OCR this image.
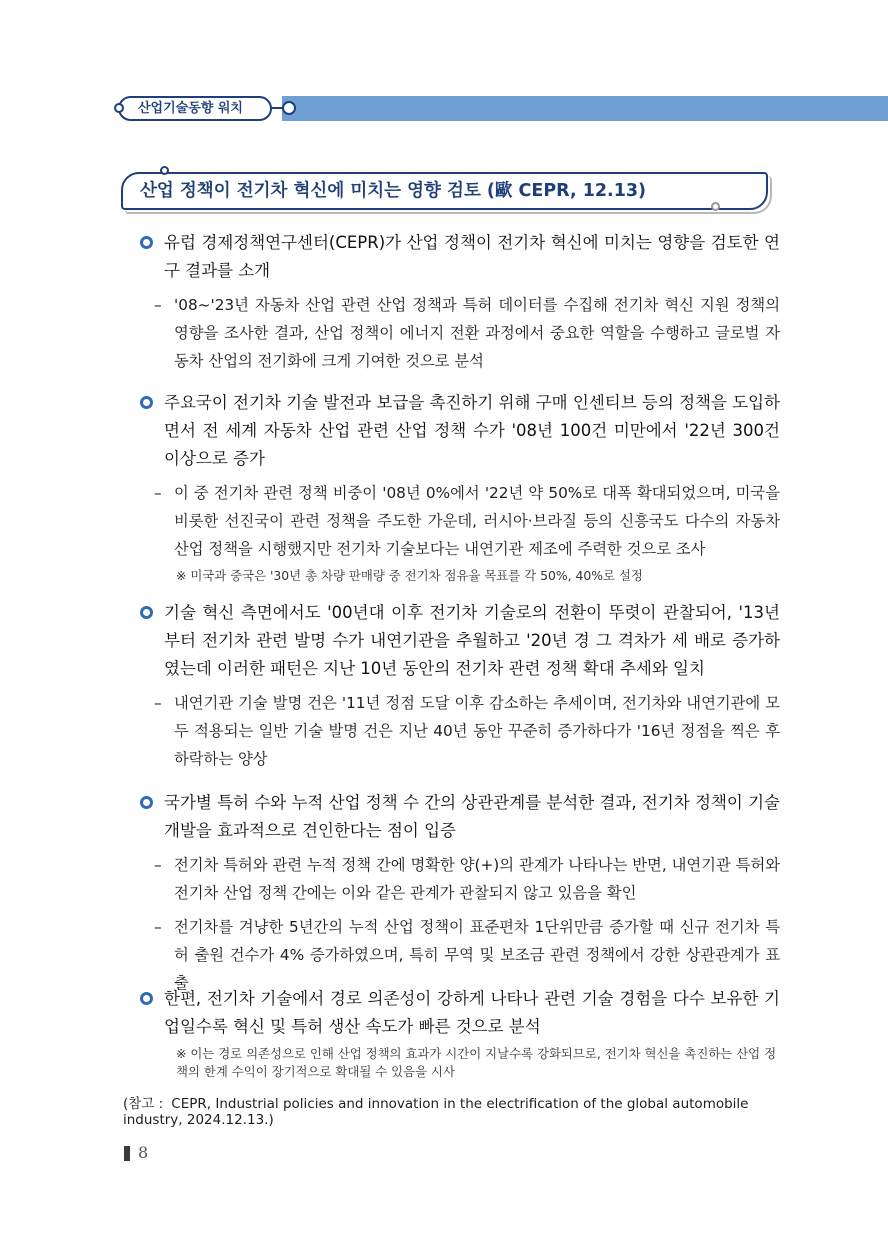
산업기술동향 워치
산업 정책이 전기차 혁신에 미치는 영향 검토 (歐 CEPR, 12.13)
유럽 경제정책연구센터(CEPR)가 산업 정책이 전기차 혁신에 미치는 영향을 검토한 연구 결과를 소개
– '08~'23년 자동차 산업 관련 산업 정책과 특허 데이터를 수집해 전기차 혁신 지원 정책의 영향을 조사한 결과, 산업 정책이 에너지 전환 과정에서 중요한 역할을 수행하고 글로벌 자동차 산업의 전기화에 크게 기여한 것으로 분석
주요국이 전기차 기술 발전과 보급을 촉진하기 위해 구매 인센티브 등의 정책을 도입하면서 전 세계 자동차 산업 관련 산업 정책 수가 '08년 100건 미만에서 '22년 300건 이상으로 증가
– 이 중 전기차 관련 정책 비중이 '08년 0%에서 '22년 약 50%로 대폭 확대되었으며, 미국을 비롯한 선진국이 관련 정책을 주도한 가운데, 러시아·브라질 등의 신흥국도 다수의 자동차 산업 정책을 시행했지만 전기차 기술보다는 내연기관 제조에 주력한 것으로 조사
※ 미국과 중국은 '30년 총 차량 판매량 중 전기차 점유율 목표를 각 50%, 40%로 설정
기술 혁신 측면에서도 '00년대 이후 전기차 기술로의 전환이 뚜렷이 관찰되어, '13년부터 전기차 관련 발명 수가 내연기관을 추월하고 '20년 경 그 격차가 세 배로 증가하였는데 이러한 패턴은 지난 10년 동안의 전기차 관련 정책 확대 추세와 일치
– 내연기관 기술 발명 건은 '11년 정점 도달 이후 감소하는 추세이며, 전기차와 내연기관에 모두 적용되는 일반 기술 발명 건은 지난 40년 동안 꾸준히 증가하다가 '16년 정점을 찍은 후 하락하는 양상
국가별 특허 수와 누적 산업 정책 수 간의 상관관계를 분석한 결과, 전기차 정책이 기술 개발을 효과적으로 견인한다는 점이 입증
– 전기차 특허와 관련 누적 정책 간에 명확한 양(+)의 관계가 나타나는 반면, 내연기관 특허와 전기차 산업 정책 간에는 이와 같은 관계가 관찰되지 않고 있음을 확인
– 전기차를 겨냥한 5년간의 누적 산업 정책이 표준편차 1단위만큼 증가할 때 신규 전기차 특허 출원 건수가 4% 증가하였으며, 특히 무역 및 보조금 관련 정책에서 강한 상관관계가 표출
한편, 전기차 기술에서 경로 의존성이 강하게 나타나 관련 기술 경험을 다수 보유한 기업일수록 혁신 및 특허 생산 속도가 빠른 것으로 분석
※ 이는 경로 의존성으로 인해 산업 정책의 효과가 시간이 지날수록 강화되므로, 전기차 혁신을 촉진하는 산업 정책의 한계 수익이 장기적으로 확대될 수 있음을 시사
(참고 : CEPR, Industrial policies and innovation in the electrification of the global automobile industry, 2024.12.13.)
8
